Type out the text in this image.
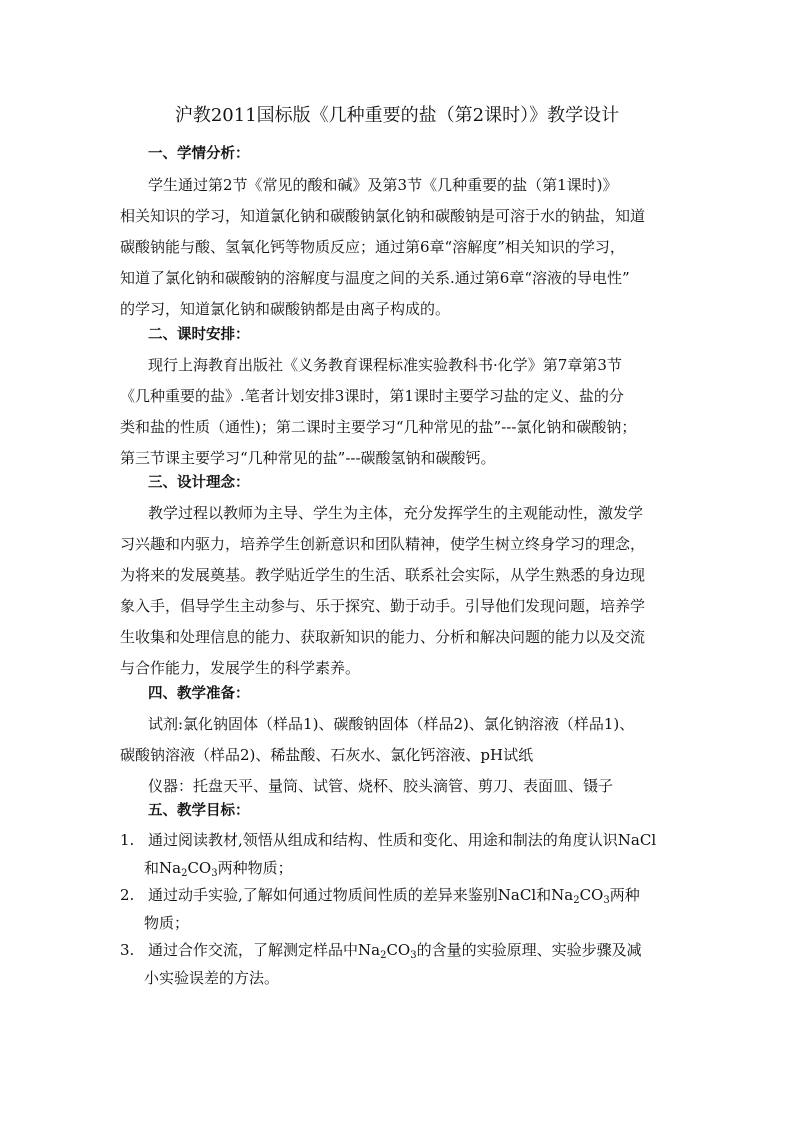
沪教2011国标版《几种重要的盐（第2课时）》教学设计
一、学情分析：
学生通过第2节《常见的酸和碱》及第3节《几种重要的盐（第1课时)》
相关知识的学习，知道氯化钠和碳酸钠氯化钠和碳酸钠是可溶于水的钠盐，知道
碳酸钠能与酸、氢氧化钙等物质反应；通过第6章“溶解度”相关知识的学习，
知道了氯化钠和碳酸钠的溶解度与温度之间的关系.通过第6章“溶液的导电性”
的学习，知道氯化钠和碳酸钠都是由离子构成的。
二、课时安排：
现行上海教育出版社《义务教育课程标准实验教科书·化学》第7章第3节
《几种重要的盐》.笔者计划安排3课时，第1课时主要学习盐的定义、盐的分
类和盐的性质（通性)；第二课时主要学习“几种常见的盐”---氯化钠和碳酸钠；
第三节课主要学习“几种常见的盐”---碳酸氢钠和碳酸钙。
三、设计理念：
教学过程以教师为主导、学生为主体，充分发挥学生的主观能动性，激发学
习兴趣和内驱力，培养学生创新意识和团队精神，使学生树立终身学习的理念，
为将来的发展奠基。教学贴近学生的生活、联系社会实际，从学生熟悉的身边现
象入手，倡导学生主动参与、乐于探究、勤于动手。引导他们发现问题，培养学
生收集和处理信息的能力、获取新知识的能力、分析和解决问题的能力以及交流
与合作能力，发展学生的科学素养。
四、教学准备：
试剂:氯化钠固体（样品1)、碳酸钠固体（样品2)、氯化钠溶液（样品1)、
碳酸钠溶液（样品2)、稀盐酸、石灰水、氯化钙溶液、pH试纸
仪器：托盘天平、量筒、试管、烧杯、胶头滴管、剪刀、表面皿、镊子
五、教学目标：
1. 通过阅读教材,领悟从组成和结构、性质和变化、用途和制法的角度认识NaCl
和$Na_2CO_3$两种物质；
2. 通过动手实验,了解如何通过物质间性质的差异来鉴别NaCl和$Na_2CO_3$两种
物质；
3. 通过合作交流，了解测定样品中$Na_2CO_3$的含量的实验原理、实验步骤及减
小实验误差的方法。
